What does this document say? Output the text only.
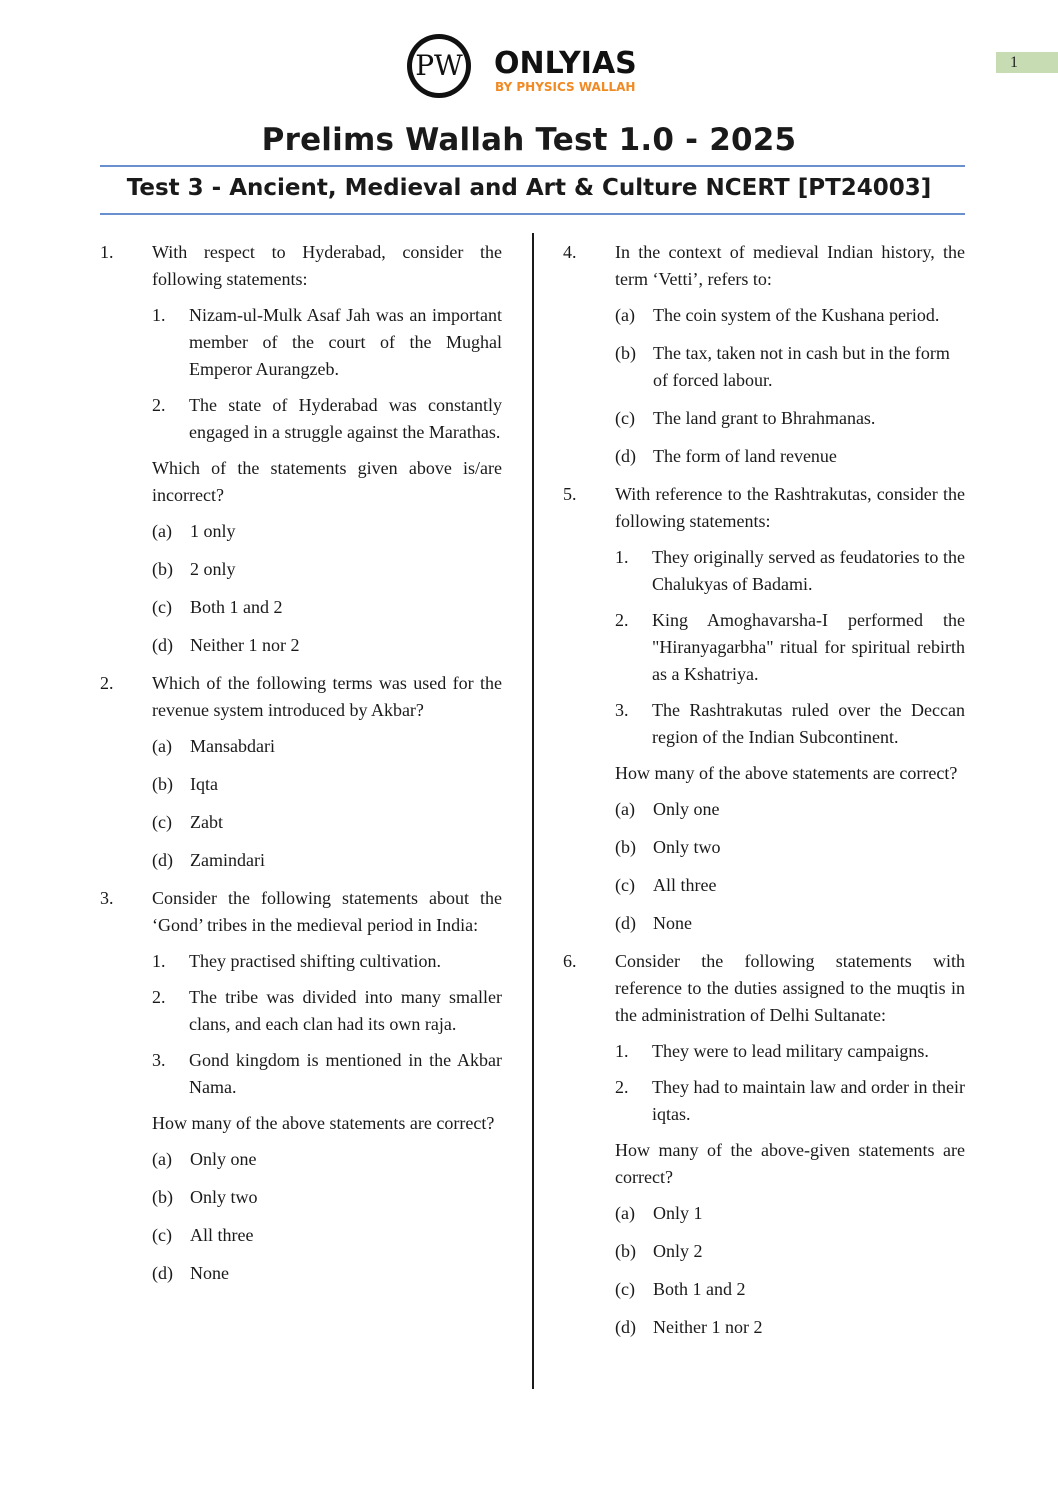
1
PW ONLYIAS
BY PHYSICS WALLAH
Prelims Wallah Test 1.0 - 2025
Test 3 - Ancient, Medieval and Art & Culture NCERT [PT24003]
1. With respect to Hyderabad, consider the following statements:
1. Nizam-ul-Mulk Asaf Jah was an important member of the court of the Mughal Emperor Aurangzeb.
2. The state of Hyderabad was constantly engaged in a struggle against the Marathas.
Which of the statements given above is/are incorrect?
(a) 1 only
(b) 2 only
(c) Both 1 and 2
(d) Neither 1 nor 2
2. Which of the following terms was used for the revenue system introduced by Akbar?
(a) Mansabdari
(b) Iqta
(c) Zabt
(d) Zamindari
3. Consider the following statements about the ‘Gond’ tribes in the medieval period in India:
1. They practised shifting cultivation.
2. The tribe was divided into many smaller clans, and each clan had its own raja.
3. Gond kingdom is mentioned in the Akbar Nama.
How many of the above statements are correct?
(a) Only one
(b) Only two
(c) All three
(d) None
4. In the context of medieval Indian history, the term ‘Vetti’, refers to:
(a) The coin system of the Kushana period.
(b) The tax, taken not in cash but in the form of forced labour.
(c) The land grant to Bhrahmanas.
(d) The form of land revenue
5. With reference to the Rashtrakutas, consider the following statements:
1. They originally served as feudatories to the Chalukyas of Badami.
2. King Amoghavarsha-I performed the "Hiranyagarbha" ritual for spiritual rebirth as a Kshatriya.
3. The Rashtrakutas ruled over the Deccan region of the Indian Subcontinent.
How many of the above statements are correct?
(a) Only one
(b) Only two
(c) All three
(d) None
6. Consider the following statements with reference to the duties assigned to the muqtis in the administration of Delhi Sultanate:
1. They were to lead military campaigns.
2. They had to maintain law and order in their iqtas.
How many of the above-given statements are correct?
(a) Only 1
(b) Only 2
(c) Both 1 and 2
(d) Neither 1 nor 2
